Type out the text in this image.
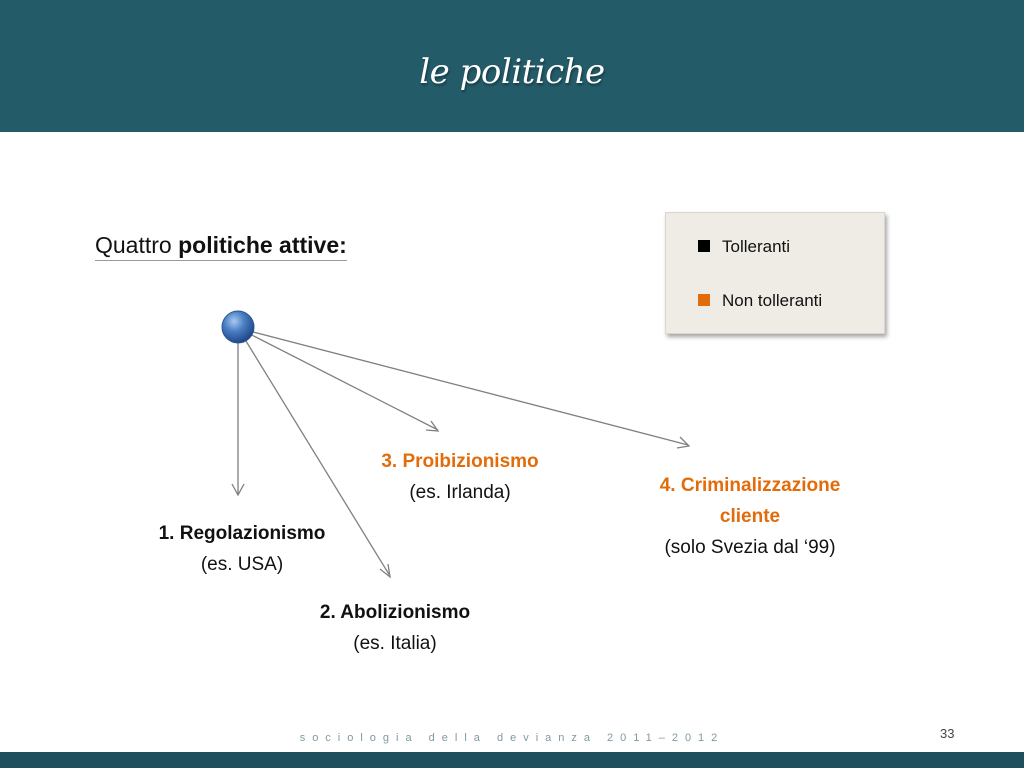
le politiche
Quattro politiche attive:	Tolleranti
Non tolleranti
1. Regolazionismo
(es. USA)
2. Abolizionismo
(es. Italia)
3. Proibizionismo
(es. Irlanda)	4. Criminalizzazione
cliente
(solo Svezia dal ‘99)
sociologia della devianza 2011–2012	33
